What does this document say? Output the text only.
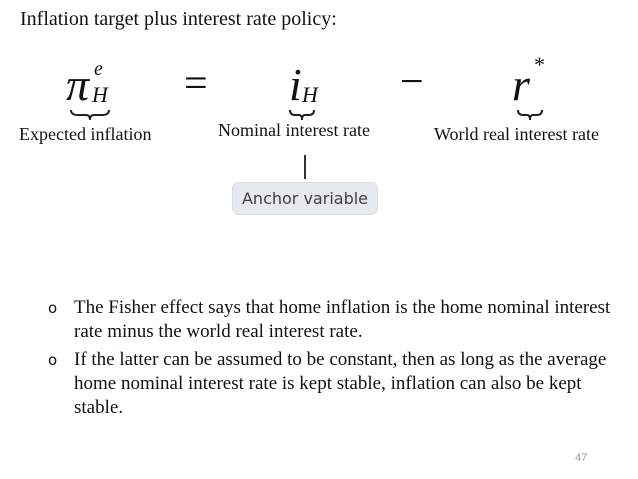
Inflation target plus interest rate policy:
π e
H = i H − r *
Expected inflation	Nominal interest rate	World real interest rate
Anchor variable
o The Fisher effect says that home inflation is the home nominal interest rate minus the world real interest rate.
o If the latter can be assumed to be constant, then as long as the average home nominal interest rate is kept stable, inflation can also be kept stable.
47
